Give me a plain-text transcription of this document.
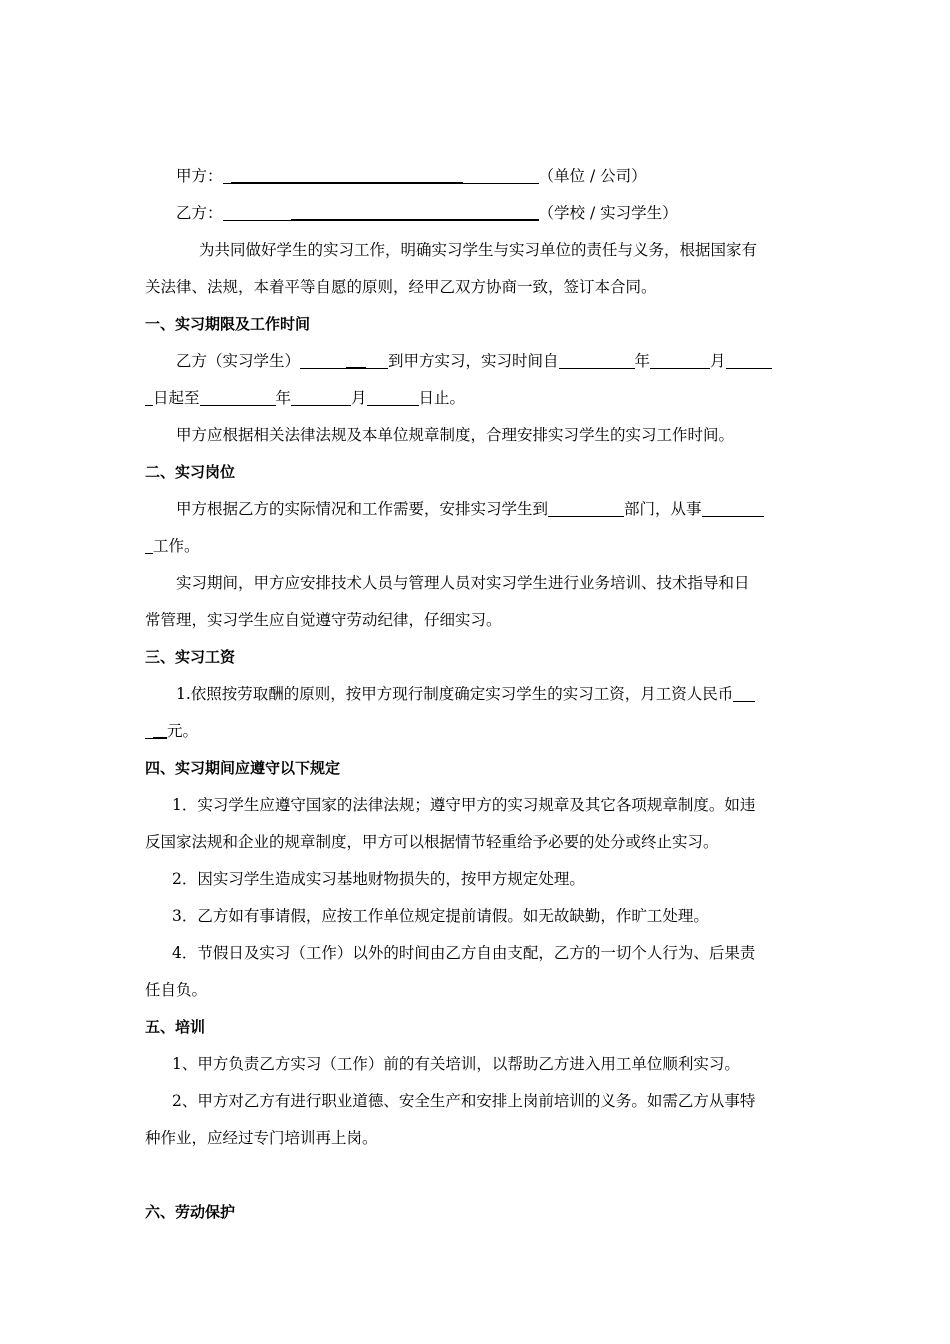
甲方：	（单位 / 公司）
乙方：	（学校 / 实习学生）
为共同做好学生的实习工作，明确实习学生与实习单位的责任与义务，根据国家有
关法律、法规，本着平等自愿的原则，经甲乙双方协商一致，签订本合同。
一、实习期限及工作时间
乙方（实习学生）	到甲方实习，实习时间自	年	月
日起至	年	月	日止。
甲方应根据相关法律法规及本单位规章制度，合理安排实习学生的实习工作时间。
二、实习岗位
甲方根据乙方的实际情况和工作需要，安排实习学生到	部门，从事
工作。
实习期间，甲方应安排技术人员与管理人员对实习学生进行业务培训、技术指导和日
常管理，实习学生应自觉遵守劳动纪律，仔细实习。
三、实习工资
1.依照按劳取酬的原则，按甲方现行制度确定实习学生的实习工资，月工资人民币
元。
四、实习期间应遵守以下规定
1．实习学生应遵守国家的法律法规；遵守甲方的实习规章及其它各项规章制度。如违
反国家法规和企业的规章制度，甲方可以根据情节轻重给予必要的处分或终止实习。
2．因实习学生造成实习基地财物损失的，按甲方规定处理。
3．乙方如有事请假，应按工作单位规定提前请假。如无故缺勤，作旷工处理。
4．节假日及实习（工作）以外的时间由乙方自由支配，乙方的一切个人行为、后果责
任自负。
五、培训
1、甲方负责乙方实习（工作）前的有关培训，以帮助乙方进入用工单位顺利实习。
2、甲方对乙方有进行职业道德、安全生产和安排上岗前培训的义务。如需乙方从事特
种作业，应经过专门培训再上岗。
六、劳动保护
